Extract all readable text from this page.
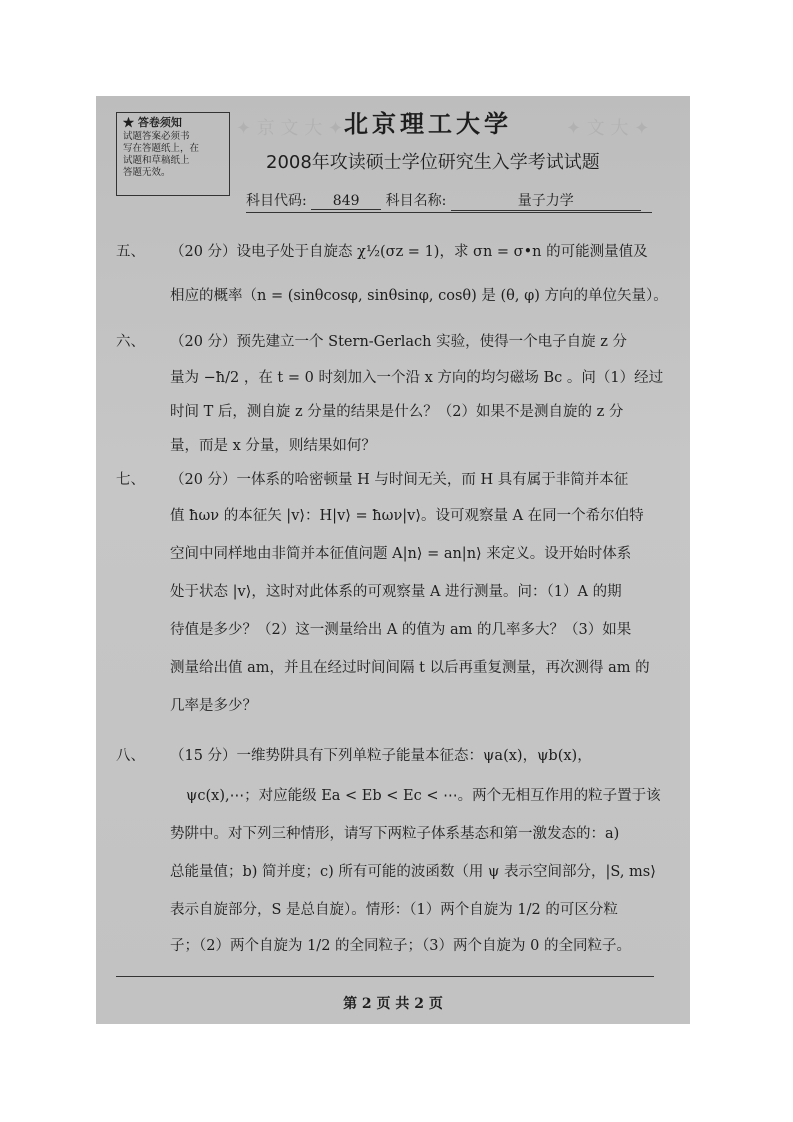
✦ 京 文 大 ✦	✦ 文 大 ✦
★ 答卷须知
试题答案必须书
写在答题纸上，在
试题和草稿纸上
答题无效。
北京理工大学
2008年攻读硕士学位研究生入学考试试题
科目代码: 849 科目名称:	量子力学
五、 （20 分）设电子处于自旋态 χ½(σz = 1)，求 σn = σ•n 的可能测量值及
相应的概率（n = (sinθcosφ, sinθsinφ, cosθ) 是 (θ, φ) 方向的单位矢量）。
六、 （20 分）预先建立一个 Stern-Gerlach 实验，使得一个电子自旋 z 分
量为 −ħ/2 ，在 t = 0 时刻加入一个沿 x 方向的均匀磁场 Bc 。问（1）经过
时间 T 后，测自旋 z 分量的结果是什么？（2）如果不是测自旋的 z 分
量，而是 x 分量，则结果如何？
七、 （20 分）一体系的哈密顿量 H 与时间无关，而 H 具有属于非简并本征
值 ħων 的本征矢 |v⟩：H|v⟩ = ħων|v⟩。设可观察量 A 在同一个希尔伯特
空间中同样地由非简并本征值问题 A|n⟩ = an|n⟩ 来定义。设开始时体系
处于状态 |v⟩，这时对此体系的可观察量 A 进行测量。问：（1）A 的期
待值是多少？（2）这一测量给出 A 的值为 am 的几率多大？（3）如果
测量给出值 am，并且在经过时间间隔 t 以后再重复测量，再次测得 am 的
几率是多少？
八、 （15 分）一维势阱具有下列单粒子能量本征态：ψa(x)，ψb(x)，
ψc(x),⋯；对应能级 Ea < Eb < Ec < ⋯。两个无相互作用的粒子置于该
势阱中。对下列三种情形，请写下两粒子体系基态和第一激发态的：a)
总能量值；b) 简并度；c) 所有可能的波函数（用 ψ 表示空间部分，|S, ms⟩
表示自旋部分，S 是总自旋）。情形：（1）两个自旋为 1/2 的可区分粒
子；（2）两个自旋为 1/2 的全同粒子；（3）两个自旋为 0 的全同粒子。
第 2 页 共 2 页
